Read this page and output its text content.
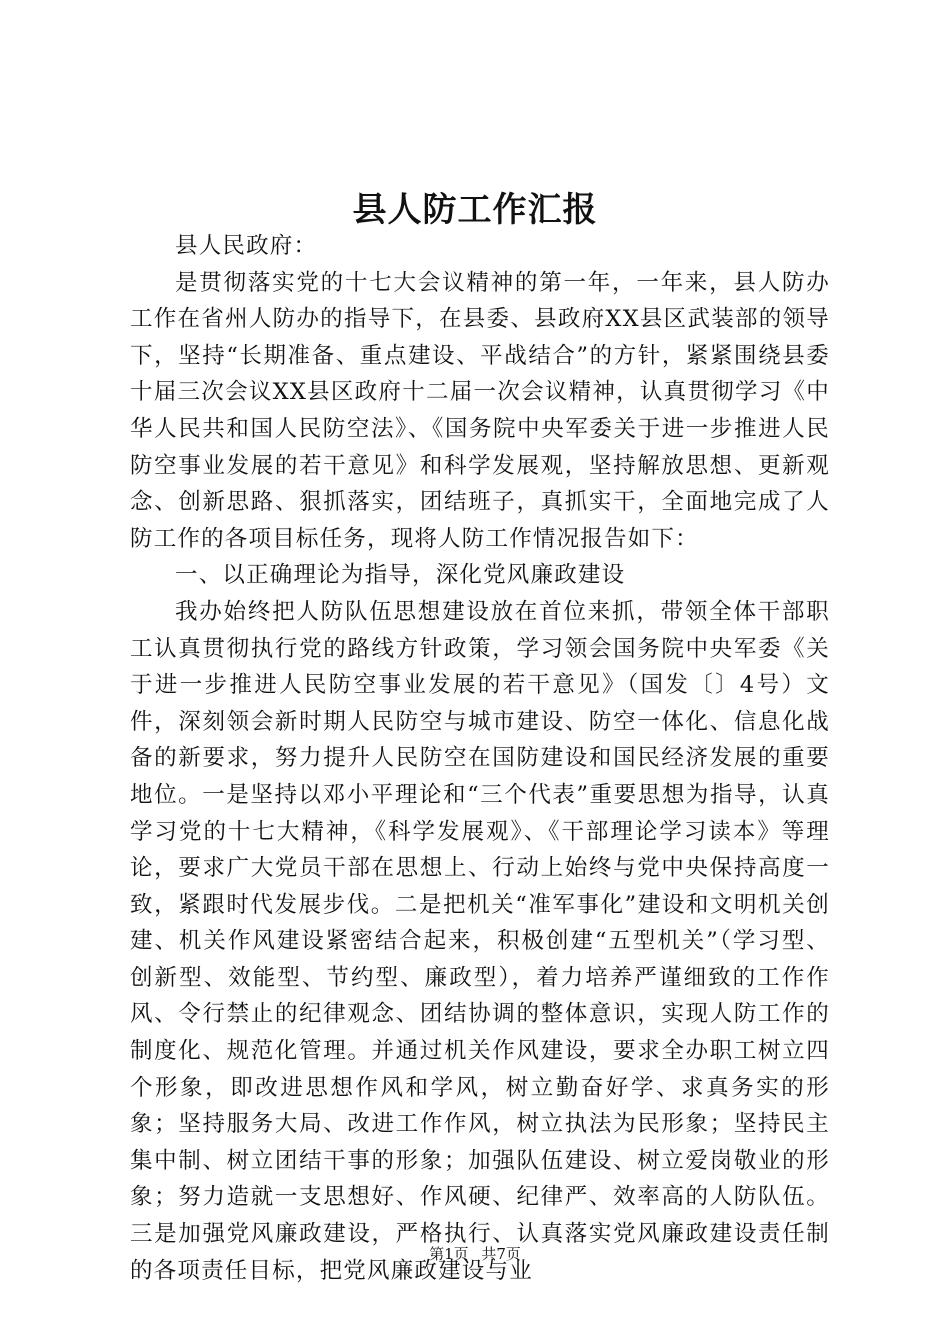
县人防工作汇报

县人民政府：

是贯彻落实党的十七大会议精神的第一年，一年来，县人防办工作在省州人防办的指导下，在县委、县政府XX县区武装部的领导下，坚持“长期准备、重点建设、平战结合”的方针，紧紧围绕县委十届三次会议XX县区政府十二届一次会议精神，认真贯彻学习《中华人民共和国人民防空法》、《国务院中央军委关于进一步推进人民防空事业发展的若干意见》和科学发展观，坚持解放思想、更新观念、创新思路、狠抓落实，团结班子，真抓实干，全面地完成了人防工作的各项目标任务，现将人防工作情况报告如下：

一、以正确理论为指导，深化党风廉政建设

我办始终把人防队伍思想建设放在首位来抓，带领全体干部职工认真贯彻执行党的路线方针政策，学习领会国务院中央军委《关于进一步推进人民防空事业发展的若干意见》（国发〔〕4号）文件，深刻领会新时期人民防空与城市建设、防空一体化、信息化战备的新要求，努力提升人民防空在国防建设和国民经济发展的重要地位。一是坚持以邓小平理论和“三个代表”重要思想为指导，认真学习党的十七大精神，《科学发展观》、《干部理论学习读本》等理论，要求广大党员干部在思想上、行动上始终与党中央保持高度一致，紧跟时代发展步伐。二是把机关“准军事化”建设和文明机关创建、机关作风建设紧密结合起来，积极创建“五型机关”（学习型、创新型、效能型、节约型、廉政型），着力培养严谨细致的工作作风、令行禁止的纪律观念、团结协调的整体意识，实现人防工作的制度化、规范化管理。并通过机关作风建设，要求全办职工树立四个形象，即改进思想作风和学风，树立勤奋好学、求真务实的形象；坚持服务大局、改进工作作风，树立执法为民形象；坚持民主集中制、树立团结干事的形象；加强队伍建设、树立爱岗敬业的形象；努力造就一支思想好、作风硬、纪律严、效率高的人防队伍。三是加强党风廉政建设，严格执行、认真落实党风廉政建设责任制的各项责任目标，把党风廉政建设与业

第1页 共7页
